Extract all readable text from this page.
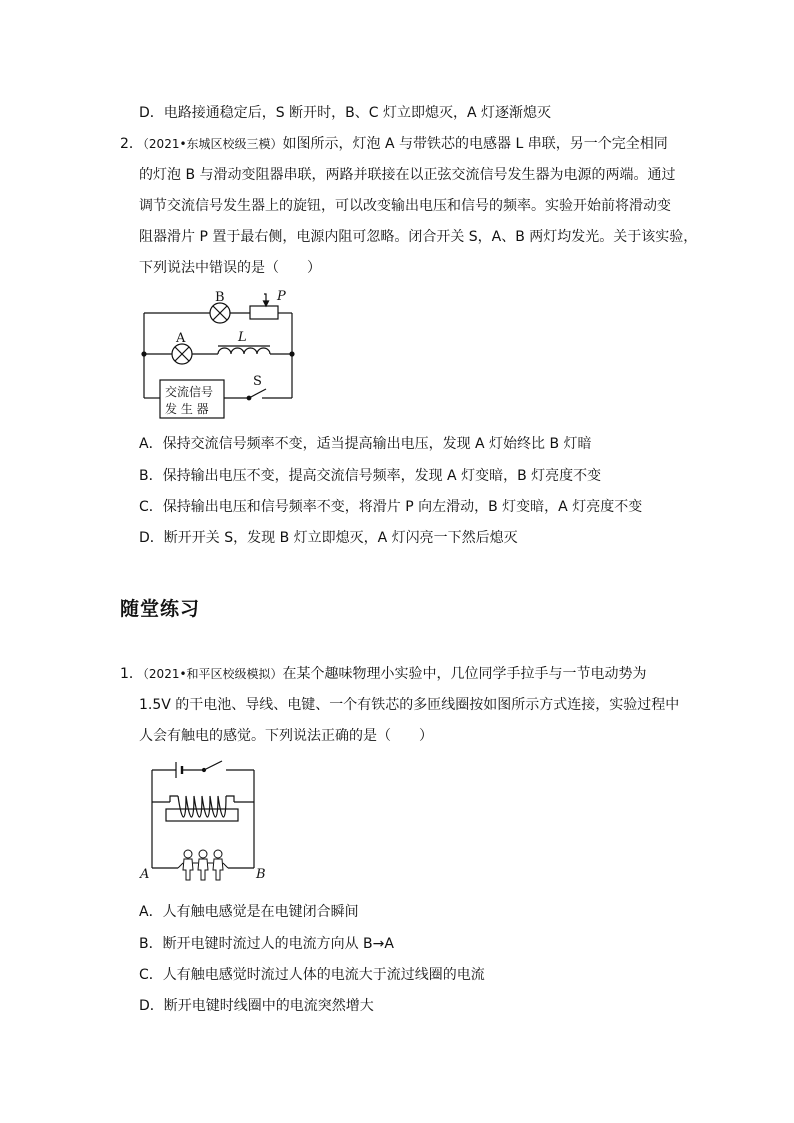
D．电路接通稳定后，S 断开时，B、C 灯立即熄灭，A 灯逐渐熄灭
2．（2021•东城区校级三模）如图所示，灯泡 A 与带铁芯的电感器 L 串联，另一个完全相同
的灯泡 B 与滑动变阻器串联，两路并联接在以正弦交流信号发生器为电源的两端。通过
调节交流信号发生器上的旋钮，可以改变输出电压和信号的频率。实验开始前将滑动变
阻器滑片 P 置于最右侧，电源内阻可忽略。闭合开关 S，A、B 两灯均发光。关于该实验，
下列说法中错误的是（　　）
B	P
A	L
S
交流信号
发 生 器
A．保持交流信号频率不变，适当提高输出电压，发现 A 灯始终比 B 灯暗
B．保持输出电压不变，提高交流信号频率，发现 A 灯变暗，B 灯亮度不变
C．保持输出电压和信号频率不变，将滑片 P 向左滑动，B 灯变暗，A 灯亮度不变
D．断开开关 S，发现 B 灯立即熄灭，A 灯闪亮一下然后熄灭
随堂练习
1．（2021•和平区校级模拟）在某个趣味物理小实验中，几位同学手拉手与一节电动势为
1.5V 的干电池、导线、电键、一个有铁芯的多匝线圈按如图所示方式连接，实验过程中
人会有触电的感觉。下列说法正确的是（　　）
A	B
A．人有触电感觉是在电键闭合瞬间
B．断开电键时流过人的电流方向从 B→A
C．人有触电感觉时流过人体的电流大于流过线圈的电流
D．断开电键时线圈中的电流突然增大
